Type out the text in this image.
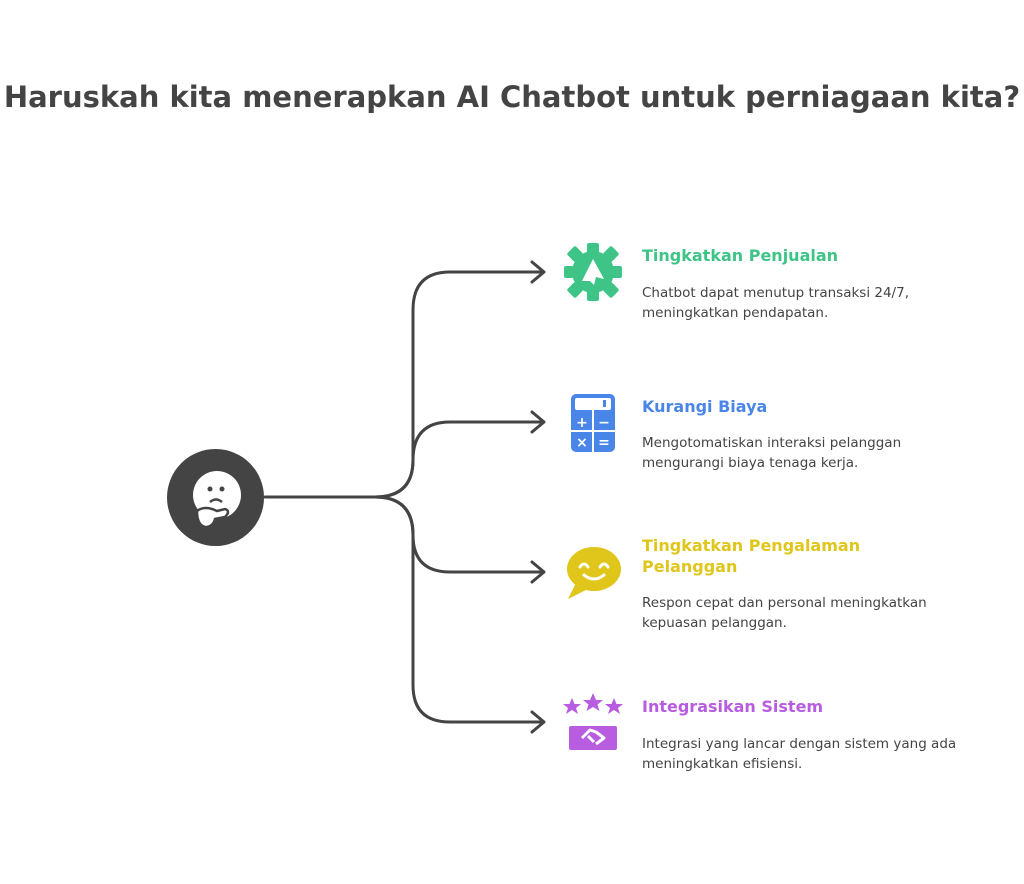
Haruskah kita menerapkan AI Chatbot untuk perniagaan kita?
Tingkatkan Penjualan
Chatbot dapat menutup transaksi 24/7, meningkatkan pendapatan.
+ −
× =
Kurangi Biaya
Mengotomatiskan interaksi pelanggan mengurangi biaya tenaga kerja.
Tingkatkan Pengalaman Pelanggan
Respon cepat dan personal meningkatkan kepuasan pelanggan.
Integrasikan Sistem
Integrasi yang lancar dengan sistem yang ada meningkatkan efisiensi.
